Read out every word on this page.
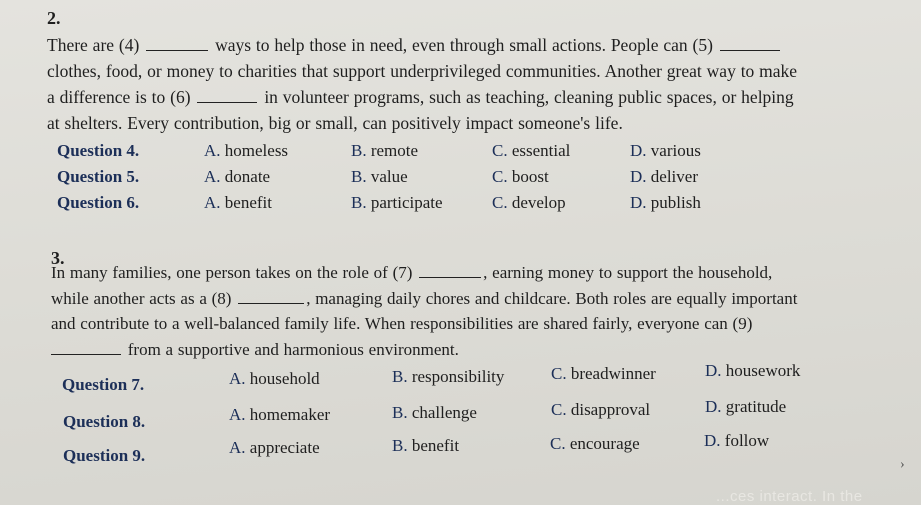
2.
There are (4)	ways to help those in need, even through small actions. People can (5)
clothes, food, or money to charities that support underprivileged communities. Another great way to make
a difference is to (6)	in volunteer programs, such as teaching, cleaning public spaces, or helping
at shelters. Every contribution, big or small, can positively impact someone's life.
Question 4.	A. homeless	B. remote	C. essential	D. various
Question 5.	A. donate	B. value	C. boost	D. deliver
Question 6.	A. benefit	B. participate	C. develop	D. publish
3.
In many families, one person takes on the role of (7)	, earning money to support the household,
while another acts as a (8)	, managing daily chores and childcare. Both roles are equally important
and contribute to a well-balanced family life. When responsibilities are shared fairly, everyone can (9)
from a supportive and harmonious environment.
Question 7.	A. household	B. responsibility	C. breadwinner	D. housework
Question 8.	A. homemaker	B. challenge	C. disapproval	D. gratitude
Question 9.	A. appreciate	B. benefit	C. encourage	D. follow
›
...ces interact. In the
